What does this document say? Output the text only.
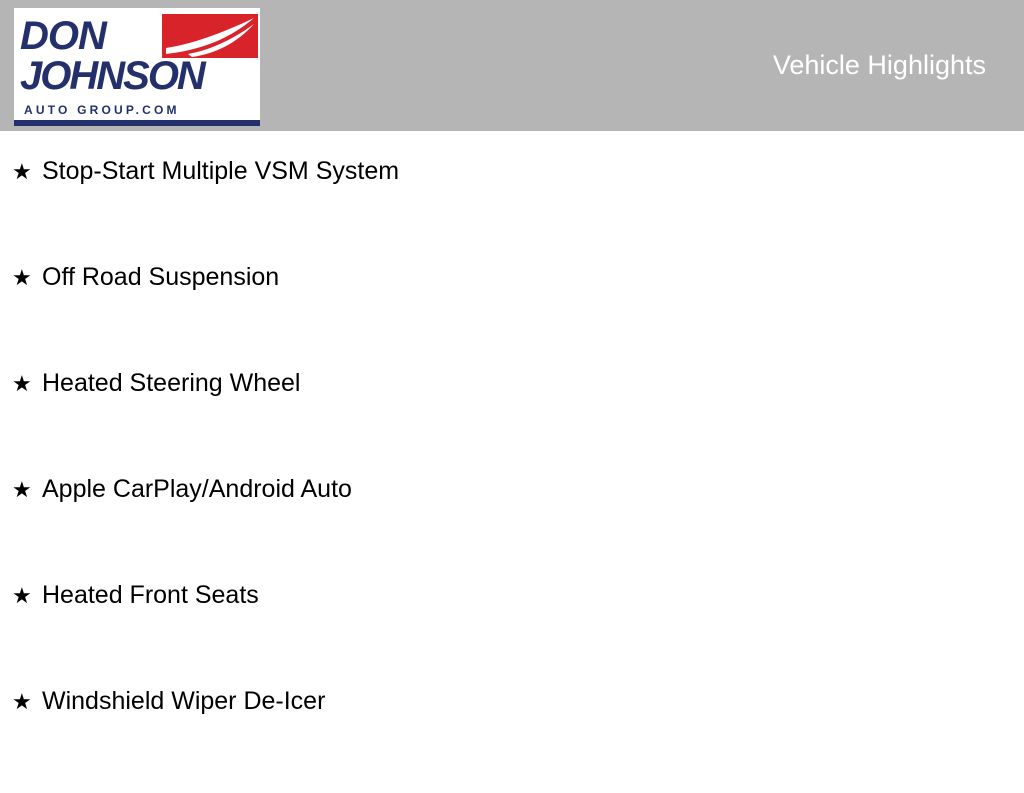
DON
JOHNSON
AUTO GROUP.COM
Vehicle Highlights
★ Stop-Start Multiple VSM System
★ Off Road Suspension
★ Heated Steering Wheel
★ Apple CarPlay/Android Auto
★ Heated Front Seats
★ Windshield Wiper De-Icer
